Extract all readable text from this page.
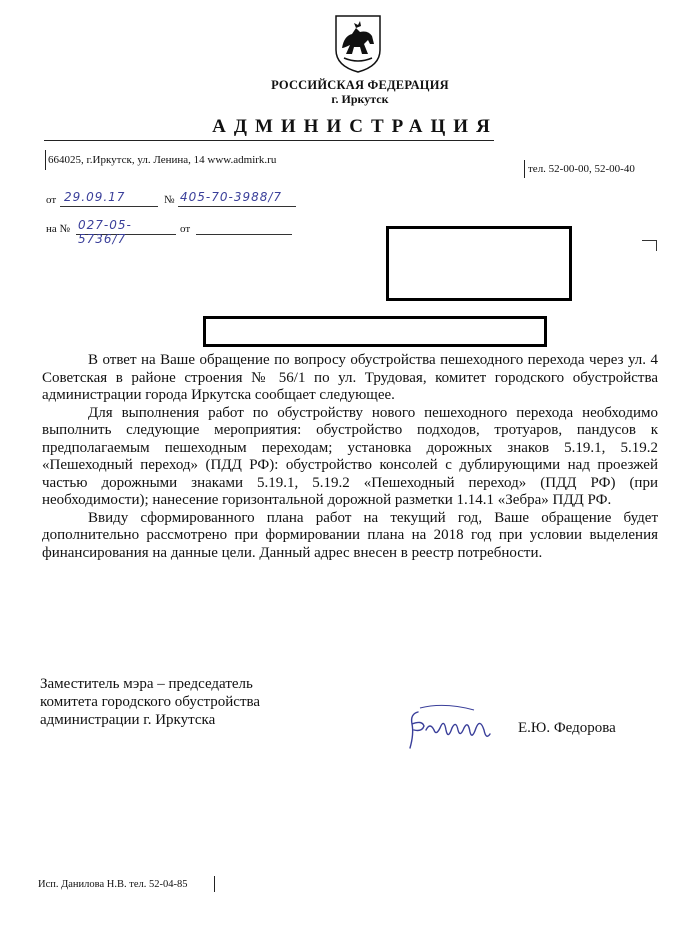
РОССИЙСКАЯ ФЕДЕРАЦИЯ
г. Иркутск
АДМИНИСТРАЦИЯ
664025, г.Иркутск, ул. Ленина, 14 www.admirk.ru
тел. 52-00-00, 52-00-40
от 29.09.17	№ 405-70-3988/7
на № 027-05-5736/7
от

В ответ на Ваше обращение по вопросу обустройства пешеходного перехода через ул. 4 Советская в районе строения № 56/1 по ул. Трудовая, комитет городского обустройства администрации города Иркутска сообщает следующее.

Для выполнения работ по обустройству нового пешеходного перехода необходимо выполнить следующие мероприятия: обустройство подходов, тротуаров, пандусов к предполагаемым пешеходным переходам; установка дорожных знаков 5.19.1, 5.19.2 «Пешеходный переход» (ПДД РФ): обустройство консолей с дублирующими над проезжей частью дорожными знаками 5.19.1, 5.19.2 «Пешеходный переход» (ПДД РФ) (при необходимости); нанесение горизонтальной дорожной разметки 1.14.1 «Зебра» ПДД РФ.

Ввиду сформированного плана работ на текущий год, Ваше обращение будет дополнительно рассмотрено при формировании плана на 2018 год при условии выделения финансирования на данные цели. Данный адрес внесен в реестр потребности.

Заместитель мэра – председатель
комитета городского обустройства
администрации г. Иркутска	Е.Ю. Федорова
Исп. Данилова Н.В. тел. 52-04-85
